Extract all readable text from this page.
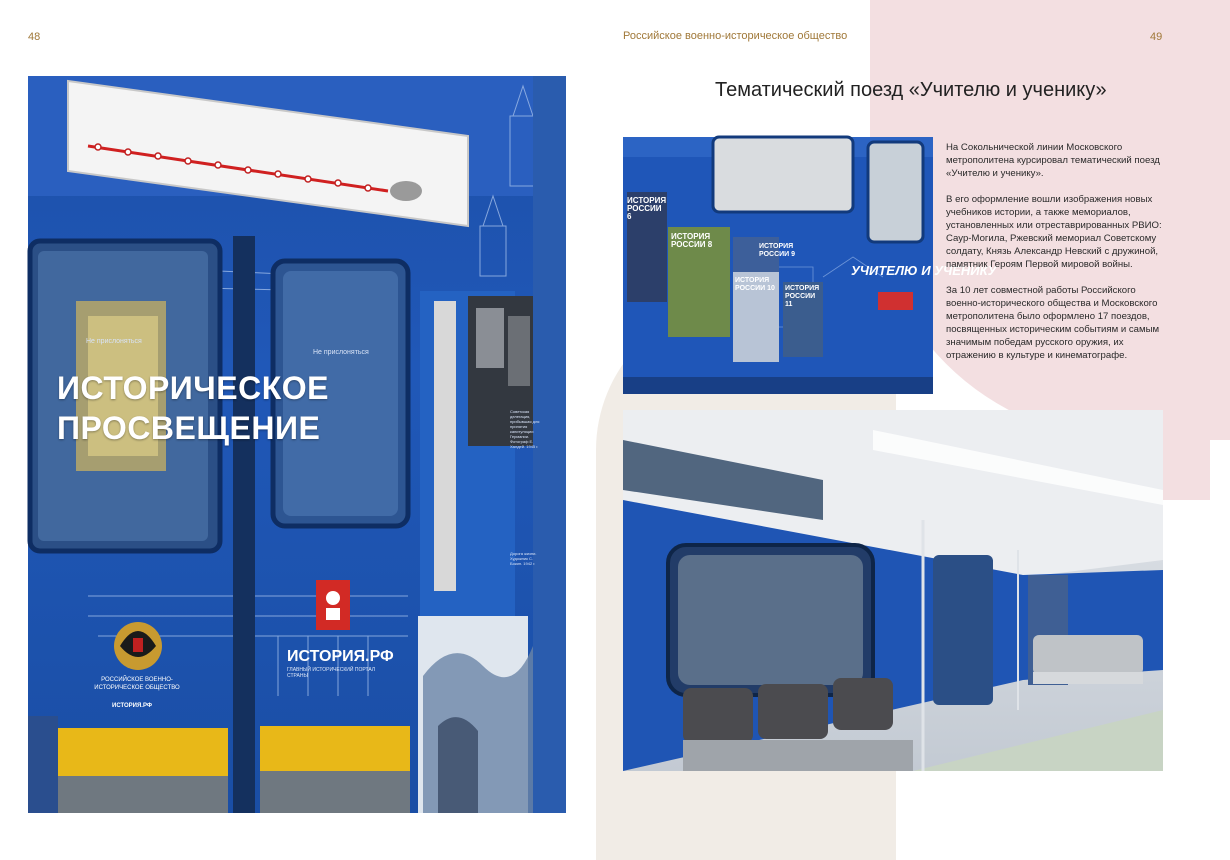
48	Российское военно-историческое общество	49
Не прислоняться
Не прислоняться
Советская делегация, прибывшая для принятия капитуляции Германии. Фотограф Е. Халдей. 1945 г.
Дорога жизни. Художник С. Бокин. 1942 г.
ИСТОРИЧЕСКОЕ
ПРОСВЕЩЕНИЕ
РОССИЙСКОЕ ВОЕННО-ИСТОРИЧЕСКОЕ ОБЩЕСТВО
ИСТОРИЯ.РФ
ИСТОРИЯ.РФ
ГЛАВНЫЙ ИСТОРИЧЕСКИЙ ПОРТАЛ СТРАНЫ
Тематический поезд «Учителю и ученику»
УЧИТЕЛЮ И УЧЕНИКУ
ИСТОРИЯ РОССИИ 6
ИСТОРИЯ РОССИИ 8
ИСТОРИЯ РОССИИ 10
ИСТОРИЯ РОССИИ 9
ИСТОРИЯ РОССИИ 11

На Сокольнической линии Московского метрополитена курсировал тематический поезд «Учителю и ученику».

В его оформление вошли изображения новых учебников истории, а также мемориалов, установленных или отреставрированных РВИО: Саур-Могила, Ржевский мемориал Советскому солдату, Князь Александр Невский с дружиной, памятник Героям Первой мировой войны.

За 10 лет совместной работы Российского военно-исторического общества и Московского метрополитена было оформлено 17 поездов, посвященных историческим событиям и самым значимым победам русского оружия, их отражению в культуре и кинематографе.
